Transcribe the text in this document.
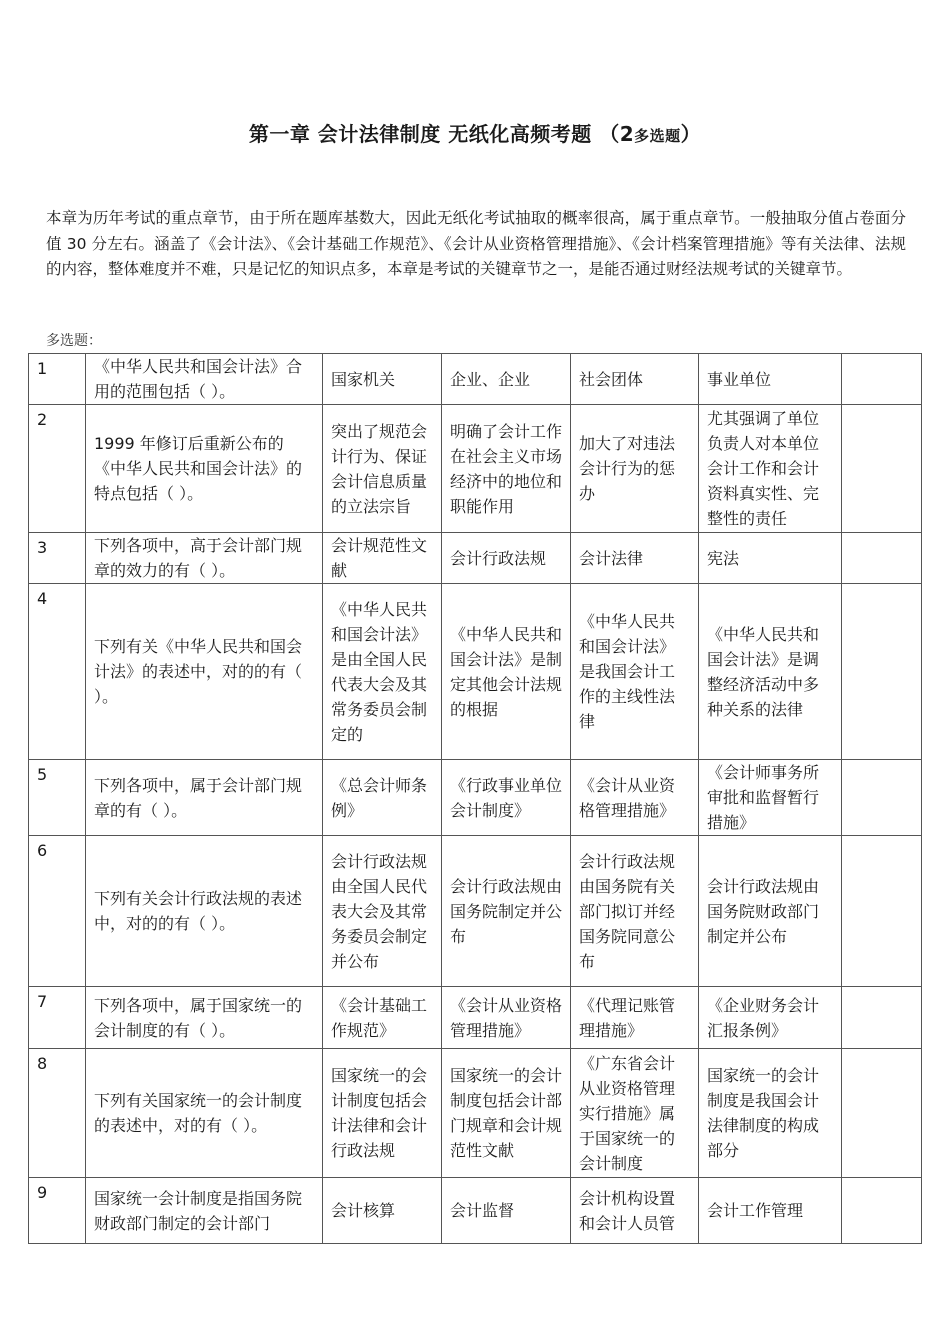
第一章 会计法律制度 无纸化高频考题 （2多选题）
本章为历年考试的重点章节，由于所在题库基数大，因此无纸化考试抽取的概率很高，属于重点章节。一般抽取分值占卷面分值 30 分左右。涵盖了《会计法》、《会计基础工作规范》、《会计从业资格管理措施》、《会计档案管理措施》等有关法律、法规的内容，整体难度并不难，只是记忆的知识点多，本章是考试的关键章节之一，是能否通过财经法规考试的关键章节。
多选题：
1	《中华人民共和国会计法》合用的范围包括（ ）。	国家机关	企业、企业	社会团体	事业单位	
2	1999 年修订后重新公布的《中华人民共和国会计法》的特点包括（ ）。	突出了规范会计行为、保证会计信息质量的立法宗旨	明确了会计工作在社会主义市场经济中的地位和职能作用	加大了对违法会计行为的惩办	尤其强调了单位负责人对本单位会计工作和会计资料真实性、完整性的责任	
3	下列各项中，高于会计部门规章的效力的有（ ）。	会计规范性文献	会计行政法规	会计法律	宪法	
4	下列有关《中华人民共和国会计法》的表述中，对的的有（ ）。	《中华人民共和国会计法》是由全国人民代表大会及其常务委员会制定的	《中华人民共和国会计法》是制定其他会计法规的根据	《中华人民共和国会计法》是我国会计工作的主线性法律	《中华人民共和国会计法》是调整经济活动中多种关系的法律	
5	下列各项中，属于会计部门规章的有（ ）。	《总会计师条例》	《行政事业单位会计制度》	《会计从业资格管理措施》	《会计师事务所审批和监督暂行措施》	
6	下列有关会计行政法规的表述中，对的的有（ ）。	会计行政法规由全国人民代表大会及其常务委员会制定并公布	会计行政法规由国务院制定并公布	会计行政法规由国务院有关部门拟订并经国务院同意公布	会计行政法规由国务院财政部门制定并公布	
7	下列各项中，属于国家统一的会计制度的有（ ）。	《会计基础工作规范》	《会计从业资格管理措施》	《代理记账管理措施》	《企业财务会计汇报条例》	
8	下列有关国家统一的会计制度的表述中，对的有（ ）。	国家统一的会计制度包括会计法律和会计行政法规	国家统一的会计制度包括会计部门规章和会计规范性文献	《广东省会计从业资格管理实行措施》属于国家统一的会计制度	国家统一的会计制度是我国会计法律制度的构成部分	
9	国家统一会计制度是指国务院财政部门制定的会计部门	会计核算	会计监督	会计机构设置和会计人员管	会计工作管理	
